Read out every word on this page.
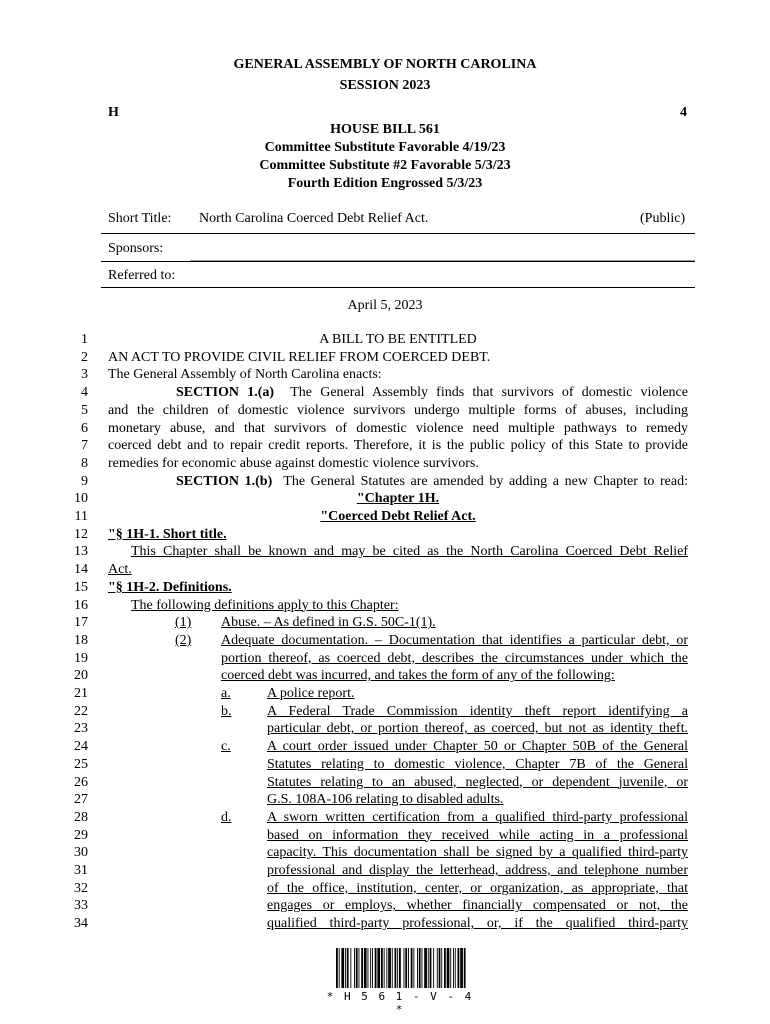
GENERAL ASSEMBLY OF NORTH CAROLINA
SESSION 2023
H	4
HOUSE BILL 561
Committee Substitute Favorable 4/19/23
Committee Substitute #2 Favorable 5/3/23
Fourth Edition Engrossed 5/3/23
Short Title: North Carolina Coerced Debt Relief Act.	(Public)
Sponsors:
Referred to:
April 5, 2023
1	A BILL TO BE ENTITLED
2 AN ACT TO PROVIDE CIVIL RELIEF FROM COERCED DEBT.
3 The General Assembly of North Carolina enacts:
4	SECTION 1.(a)  The General Assembly finds that survivors of domestic violence
5 and the children of domestic violence survivors undergo multiple forms of abuses, including
6 monetary abuse, and that survivors of domestic violence need multiple pathways to remedy
7 coerced debt and to repair credit reports. Therefore, it is the public policy of this State to provide
8 remedies for economic abuse against domestic violence survivors.
9	SECTION 1.(b)  The General Statutes are amended by adding a new Chapter to read:
10	"Chapter 1H.
11	"Coerced Debt Relief Act.
12 "§ 1H-1. Short title.
13	This Chapter shall be known and may be cited as the North Carolina Coerced Debt Relief
14 Act.
15 "§ 1H-2. Definitions.
16	The following definitions apply to this Chapter:
17	(1) Abuse. – As defined in G.S. 50C-1(1).
18	(2) Adequate documentation. – Documentation that identifies a particular debt, or
19	portion thereof, as coerced debt, describes the circumstances under which the
20	coerced debt was incurred, and takes the form of any of the following:
21	a.	A police report.
22	b.	A Federal Trade Commission identity theft report identifying a
23	particular debt, or portion thereof, as coerced, but not as identity theft.
24	c.	A court order issued under Chapter 50 or Chapter 50B of the General
25	Statutes relating to domestic violence, Chapter 7B of the General
26	Statutes relating to an abused, neglected, or dependent juvenile, or
27	G.S. 108A-106 relating to disabled adults.
28	d.	A sworn written certification from a qualified third-party professional
29	based on information they received while acting in a professional
30	capacity. This documentation shall be signed by a qualified third-party
31	professional and display the letterhead, address, and telephone number
32	of the office, institution, center, or organization, as appropriate, that
33	engages or employs, whether financially compensated or not, the
34	qualified third-party professional, or, if the qualified third-party
* H 5 6 1 - V - 4 *
